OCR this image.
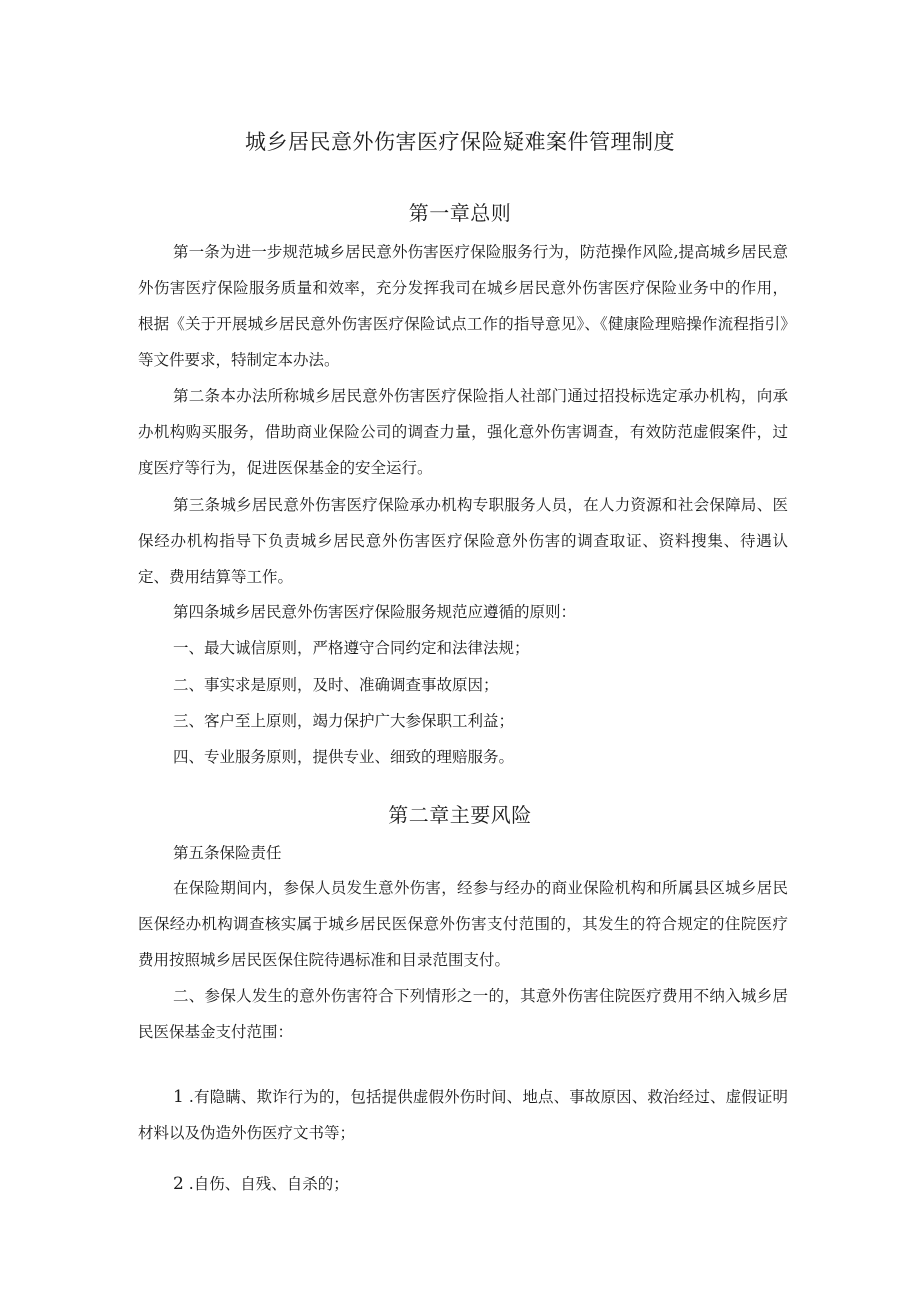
城乡居民意外伤害医疗保险疑难案件管理制度
第一章总则

第一条为进一步规范城乡居民意外伤害医疗保险服务行为，防范操作风险,提高城乡居民意外伤害医疗保险服务质量和效率，充分发挥我司在城乡居民意外伤害医疗保险业务中的作用，根据《关于开展城乡居民意外伤害医疗保险试点工作的指导意见》、《健康险理赔操作流程指引》等文件要求，特制定本办法。

第二条本办法所称城乡居民意外伤害医疗保险指人社部门通过招投标选定承办机构，向承办机构购买服务，借助商业保险公司的调查力量，强化意外伤害调查，有效防范虚假案件，过度医疗等行为，促进医保基金的安全运行。

第三条城乡居民意外伤害医疗保险承办机构专职服务人员，在人力资源和社会保障局、医保经办机构指导下负责城乡居民意外伤害医疗保险意外伤害的调查取证、资料搜集、待遇认定、费用结算等工作。

第四条城乡居民意外伤害医疗保险服务规范应遵循的原则：

一、最大诚信原则，严格遵守合同约定和法律法规；

二、事实求是原则，及时、准确调查事故原因；

三、客户至上原则，竭力保护广大参保职工利益；

四、专业服务原则，提供专业、细致的理赔服务。

第二章主要风险

第五条保险责任

在保险期间内，参保人员发生意外伤害，经参与经办的商业保险机构和所属县区城乡居民医保经办机构调查核实属于城乡居民医保意外伤害支付范围的，其发生的符合规定的住院医疗费用按照城乡居民医保住院待遇标准和目录范围支付。

二、参保人发生的意外伤害符合下列情形之一的，其意外伤害住院医疗费用不纳入城乡居民医保基金支付范围：

1 .有隐瞒、欺诈行为的，包括提供虚假外伤时间、地点、事故原因、救治经过、虚假证明材料以及伪造外伤医疗文书等；

2 .自伤、自残、自杀的；
